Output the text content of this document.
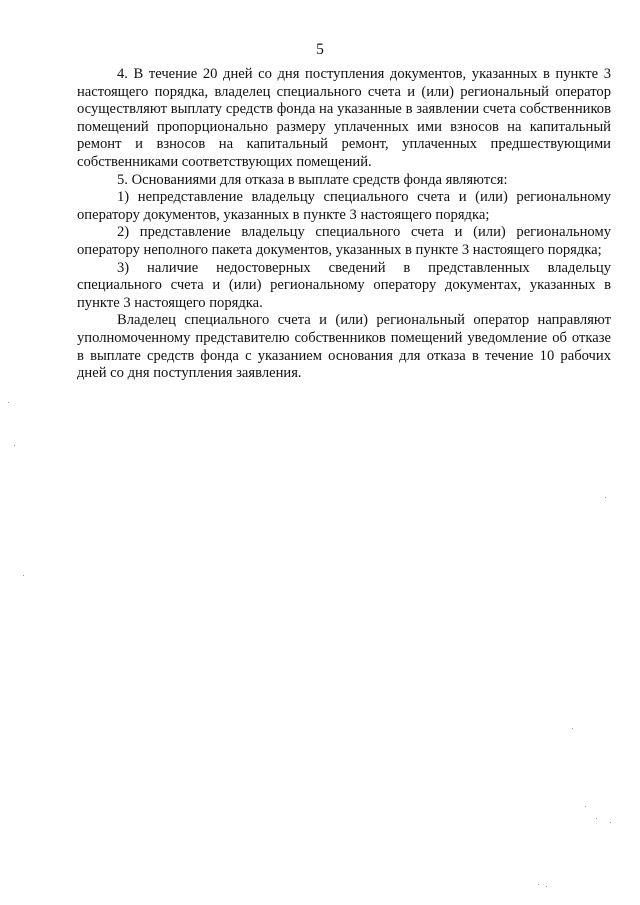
5

4. В течение 20 дней со дня поступления документов, указанных в пункте 3 настоящего порядка, владелец специального счета и (или) региональный оператор осуществляют выплату средств фонда на указанные в заявлении счета собственников помещений пропорционально размеру уплаченных ими взносов на капитальный ремонт и взносов на капитальный ремонт, уплаченных предшествующими собственниками соответствующих помещений.

5. Основаниями для отказа в выплате средств фонда являются:

1) непредставление владельцу специального счета и (или) региональному оператору документов, указанных в пункте 3 настоящего порядка;

2) представление владельцу специального счета и (или) региональному оператору неполного пакета документов, указанных в пункте 3 настоящего порядка;

3) наличие недостоверных сведений в представленных владельцу специального счета и (или) региональному оператору документах, указанных в пункте 3 настоящего порядка.

Владелец специального счета и (или) региональный оператор направляют уполномоченному представителю собственников помещений уведомление об отказе в выплате средств фонда с указанием основания для отказа в течение 10 рабочих дней со дня поступления заявления.
